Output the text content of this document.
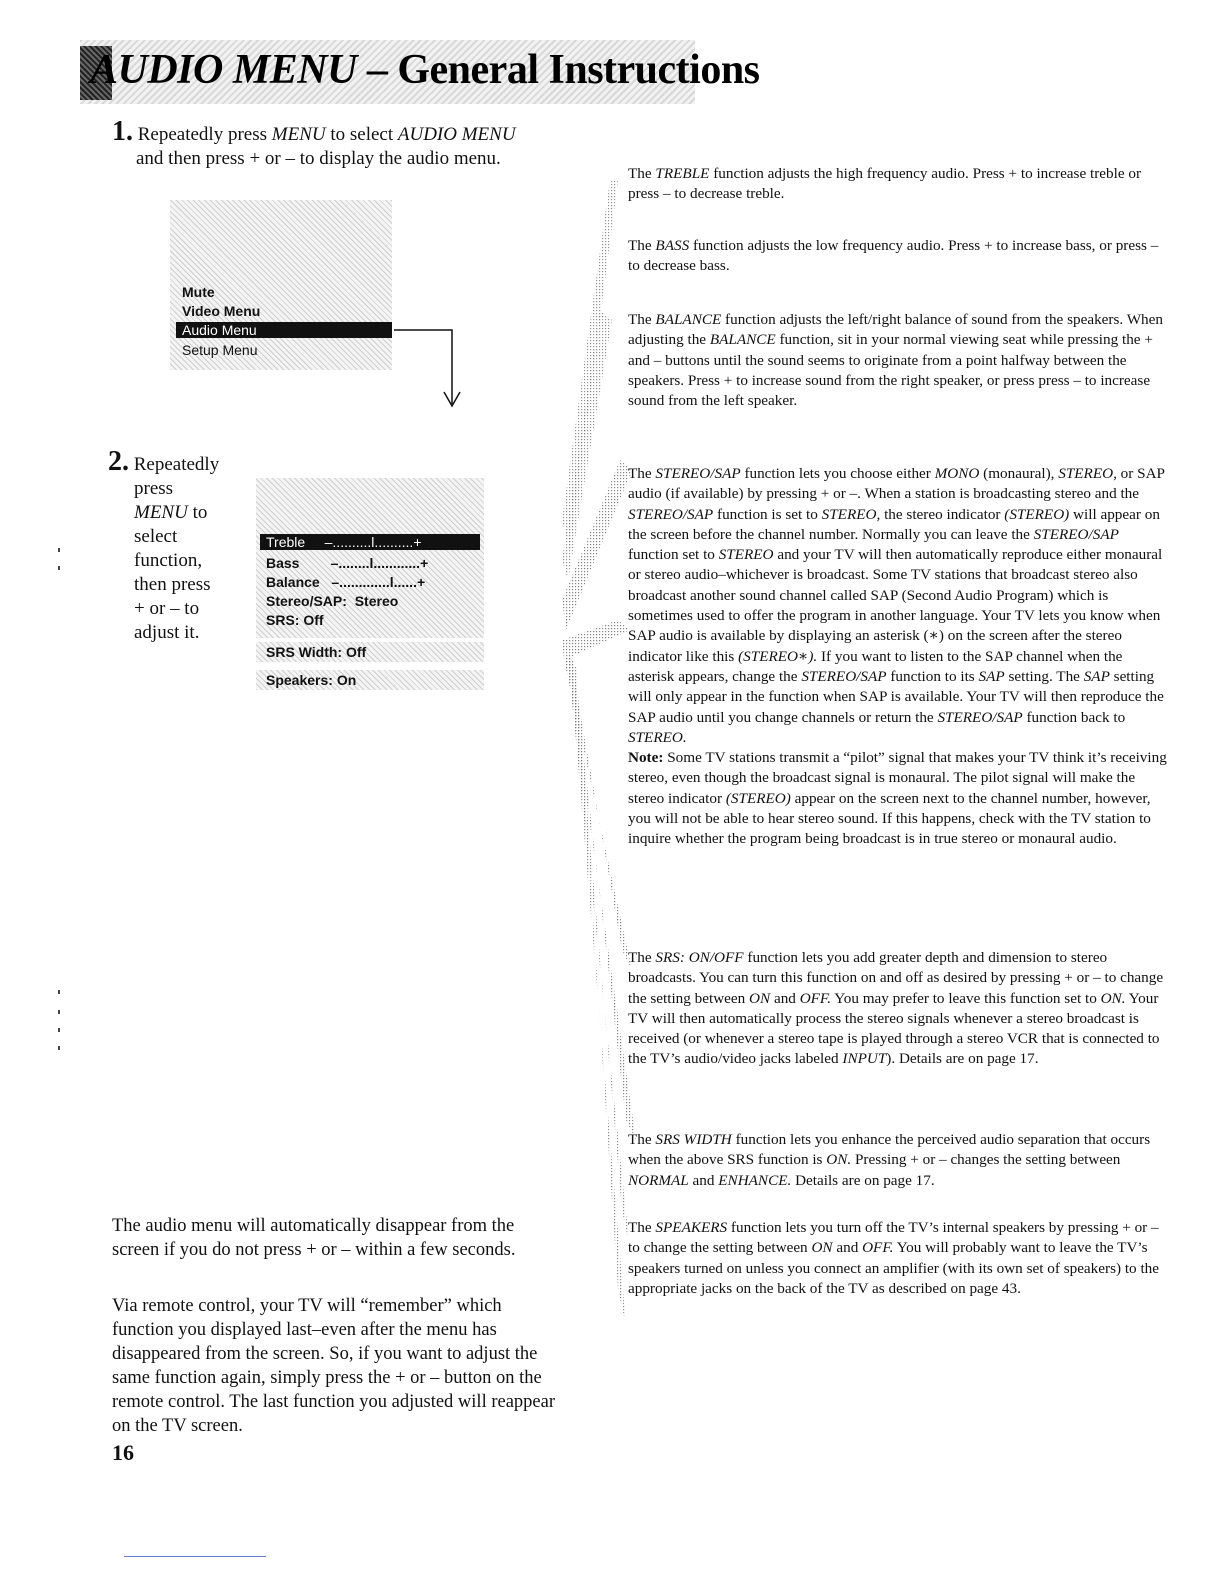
AUDIO MENU – General Instructions
1. Repeatedly press MENU to select AUDIO MENU
and then press + or – to display the audio menu.
Mute
Video Menu
Audio Menu
Setup Menu
2. Repeatedly
press
MENU to
select
function,
then press
+ or – to
adjust it.
Treble –..........l..........+
Bass –........l............+
Balance –.............l......+
Stereo/SAP: Stereo
SRS: Off
SRS Width: Off
Speakers: On
The audio menu will automatically disappear from the screen if you do not press + or – within a few seconds.
Via remote control, your TV will “remember” which function you displayed last–even after the menu has disappeared from the screen. So, if you want to adjust the same function again, simply press the + or – button on the remote control. The last function you adjusted will reappear on the TV screen.

The TREBLE function adjusts the high frequency audio. Press + to increase treble or press – to decrease treble.

The BASS function adjusts the low frequency audio. Press + to increase bass, or press – to decrease bass.

The BALANCE function adjusts the left/right balance of sound from the speakers. When adjusting the BALANCE function, sit in your normal viewing seat while pressing the + and – buttons until the sound seems to originate from a point halfway between the speakers. Press + to increase sound from the right speaker, or press press – to increase sound from the left speaker.

The STEREO/SAP function lets you choose either MONO (monaural), STEREO, or SAP audio (if available) by pressing + or –. When a station is broadcasting stereo and the STEREO/SAP function is set to STEREO, the stereo indicator (STEREO) will appear on the screen before the channel number. Normally you can leave the STEREO/SAP function set to STEREO and your TV will then automatically reproduce either monaural or stereo audio–whichever is broadcast. Some TV stations that broadcast stereo also broadcast another sound channel called SAP (Second Audio Program) which is sometimes used to offer the program in another language. Your TV lets you know when SAP audio is available by displaying an asterisk (∗) on the screen after the stereo indicator like this (STEREO∗). If you want to listen to the SAP channel when the asterisk appears, change the STEREO/SAP function to its SAP setting. The SAP setting will only appear in the function when SAP is available. Your TV will then reproduce the SAP audio until you change channels or return the STEREO/SAP function back to STEREO.

Note: Some TV stations transmit a “pilot” signal that makes your TV think it’s receiving stereo, even though the broadcast signal is monaural. The pilot signal will make the stereo indicator (STEREO) appear on the screen next to the channel number, however, you will not be able to hear stereo sound. If this happens, check with the TV station to inquire whether the program being broadcast is in true stereo or monaural audio.

The SRS: ON/OFF function lets you add greater depth and dimension to stereo broadcasts. You can turn this function on and off as desired by pressing + or – to change the setting between ON and OFF. You may prefer to leave this function set to ON. Your TV will then automatically process the stereo signals whenever a stereo broadcast is received (or whenever a stereo tape is played through a stereo VCR that is connected to the TV’s audio/video jacks labeled INPUT). Details are on page 17.

The SRS WIDTH function lets you enhance the perceived audio separation that occurs when the above SRS function is ON. Pressing + or – changes the setting between NORMAL and ENHANCE. Details are on page 17.

The SPEAKERS function lets you turn off the TV’s internal speakers by pressing + or – to change the setting between ON and OFF. You will probably want to leave the TV’s speakers turned on unless you connect an amplifier (with its own set of speakers) to the appropriate jacks on the back of the TV as described on page 43.

16
